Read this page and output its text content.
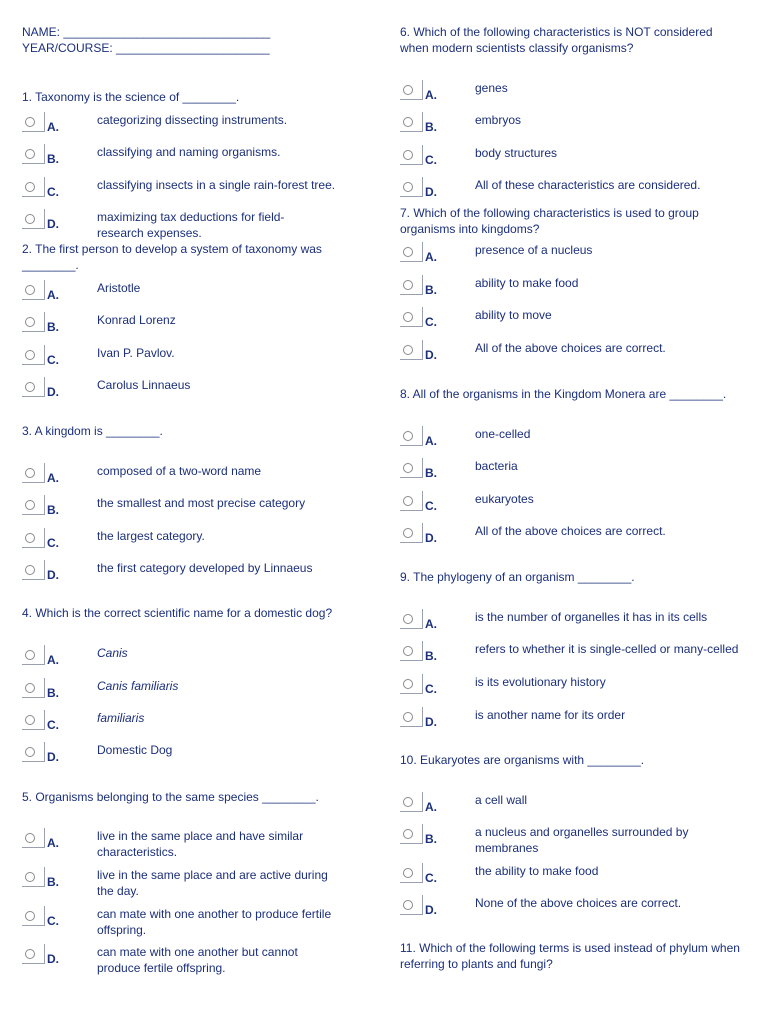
NAME: _______________________________
YEAR/COURSE: _______________________
1. Taxonomy is the science of ________.
A.	categorizing dissecting instruments.
B.	classifying and naming organisms.
C.	classifying insects in a single rain-forest tree.
D.	maximizing tax deductions for field-research expenses.
2. The first person to develop a system of taxonomy was ________.
A.	Aristotle
B.	Konrad Lorenz
C.	Ivan P. Pavlov.
D.	Carolus Linnaeus
3. A kingdom is ________.
A.	composed of a two-word name
B.	the smallest and most precise category
C.	the largest category.
D.	the first category developed by Linnaeus
4. Which is the correct scientific name for a domestic dog?
A.	Canis
B.	Canis familiaris
C.	familiaris
D.	Domestic Dog
5. Organisms belonging to the same species ________.
A.	live in the same place and have similar characteristics.
B.	live in the same place and are active during the day.
C.	can mate with one another to produce fertile offspring.
D.	can mate with one another but cannot produce fertile offspring.
6. Which of the following characteristics is NOT considered when modern scientists classify organisms?
A.	genes
B.	embryos
C.	body structures
D.	All of these characteristics are considered.
7. Which of the following characteristics is used to group organisms into kingdoms?
A.	presence of a nucleus
B.	ability to make food
C.	ability to move
D.	All of the above choices are correct.
8. All of the organisms in the Kingdom Monera are ________.
A.	one-celled
B.	bacteria
C.	eukaryotes
D.	All of the above choices are correct.
9. The phylogeny of an organism ________.
A.	is the number of organelles it has in its cells
B.	refers to whether it is single-celled or many-celled
C.	is its evolutionary history
D.	is another name for its order
10. Eukaryotes are organisms with ________.
A.	a cell wall
B.	a nucleus and organelles surrounded by membranes
C.	the ability to make food
D.	None of the above choices are correct.
11. Which of the following terms is used instead of phylum when referring to plants and fungi?
